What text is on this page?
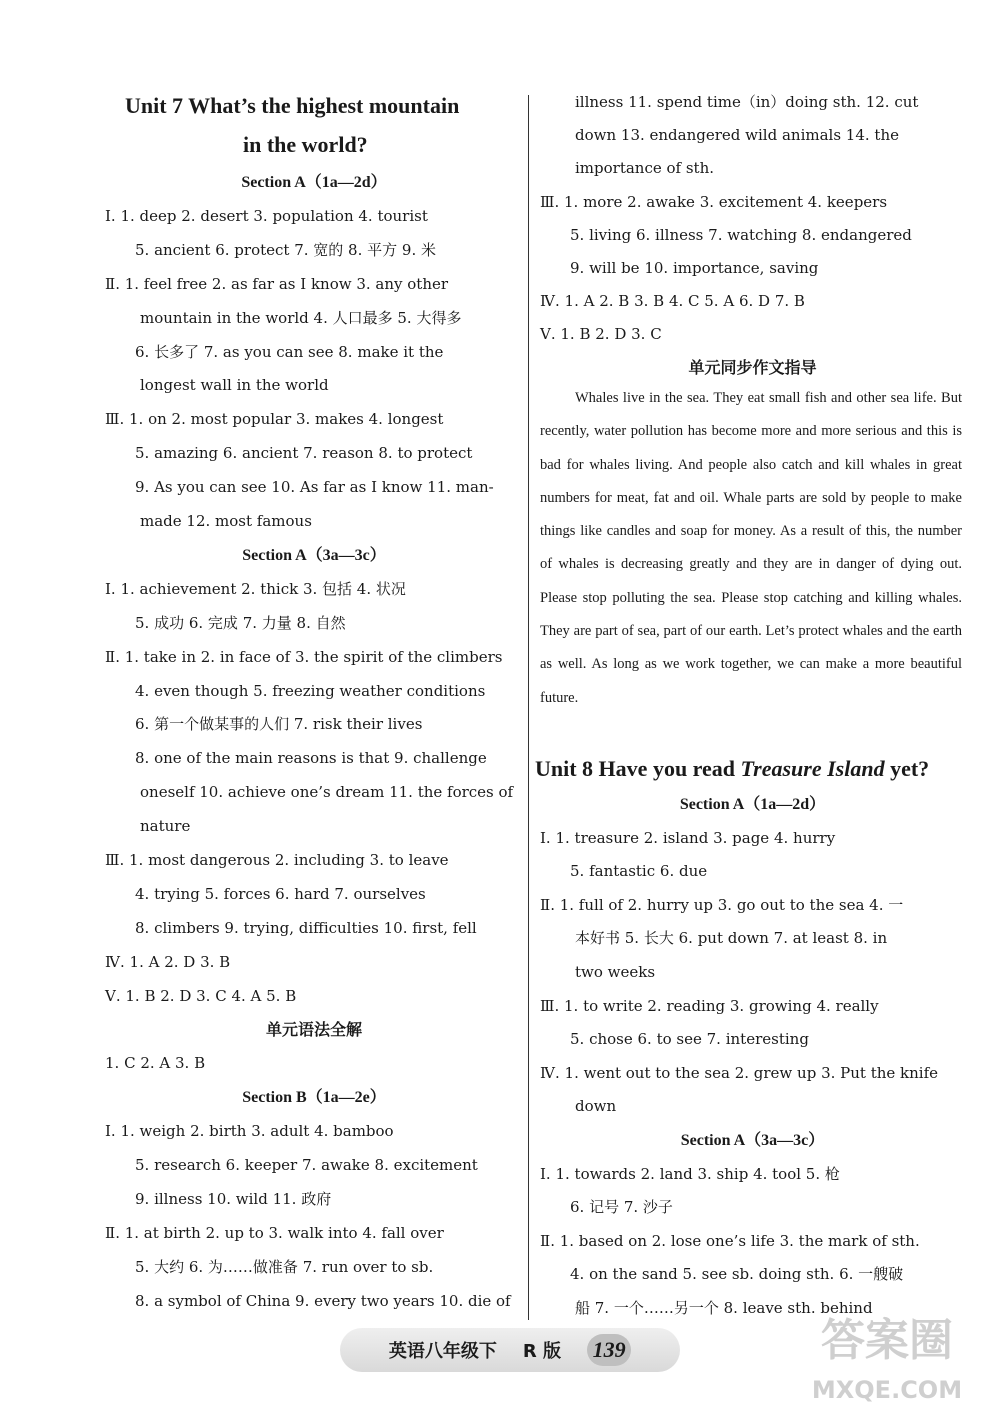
Unit 7 What’s the highest mountain
in the world?
Section A（1a—2d）
Ⅰ. 1. deep 2. desert 3. population 4. tourist
5. ancient 6. protect 7. 宽的 8. 平方 9. 米
Ⅱ. 1. feel free 2. as far as I know 3. any other
mountain in the world 4. 人口最多 5. 大得多
6. 长多了 7. as you can see 8. make it the
longest wall in the world
Ⅲ. 1. on 2. most popular 3. makes 4. longest
5. amazing 6. ancient 7. reason 8. to protect
9. As you can see 10. As far as I know 11. man-
made 12. most famous
Section A（3a—3c）
Ⅰ. 1. achievement 2. thick 3. 包括 4. 状况
5. 成功 6. 完成 7. 力量 8. 自然
Ⅱ. 1. take in 2. in face of 3. the spirit of the climbers
4. even though 5. freezing weather conditions
6. 第一个做某事的人们 7. risk their lives
8. one of the main reasons is that 9. challenge
oneself 10. achieve one’s dream 11. the forces of
nature
Ⅲ. 1. most dangerous 2. including 3. to leave
4. trying 5. forces 6. hard 7. ourselves
8. climbers 9. trying, difficulties 10. first, fell
Ⅳ. 1. A 2. D 3. B
Ⅴ. 1. B 2. D 3. C 4. A 5. B
单元语法全解
1. C 2. A 3. B
Section B（1a—2e）
Ⅰ. 1. weigh 2. birth 3. adult 4. bamboo
5. research 6. keeper 7. awake 8. excitement
9. illness 10. wild 11. 政府
Ⅱ. 1. at birth 2. up to 3. walk into 4. fall over
5. 大约 6. 为……做准备 7. run over to sb.
8. a symbol of China 9. every two years 10. die of
illness 11. spend time（in）doing sth. 12. cut
down 13. endangered wild animals 14. the
importance of sth.
Ⅲ. 1. more 2. awake 3. excitement 4. keepers
5. living 6. illness 7. watching 8. endangered
9. will be 10. importance, saving
Ⅳ. 1. A 2. B 3. B 4. C 5. A 6. D 7. B
Ⅴ. 1. B 2. D 3. C
单元同步作文指导
Whales live in the sea. They eat small fish and other sea life. But recently, water pollution has become more and more serious and this is bad for whales living. And people also catch and kill whales in great numbers for meat, fat and oil. Whale parts are sold by people to make things like candles and soap for money. As a result of this, the number of whales is decreasing greatly and they are in danger of dying out. Please stop polluting the sea. Please stop catching and killing whales. They are part of sea, part of our earth. Let’s protect whales and the earth as well. As long as we work together, we can make a more beautiful future.
Unit 8 Have you read Treasure Island yet?
Section A（1a—2d）
Ⅰ. 1. treasure 2. island 3. page 4. hurry
5. fantastic 6. due
Ⅱ. 1. full of 2. hurry up 3. go out to the sea 4. 一
本好书 5. 长大 6. put down 7. at least 8. in
two weeks
Ⅲ. 1. to write 2. reading 3. growing 4. really
5. chose 6. to see 7. interesting
Ⅳ. 1. went out to the sea 2. grew up 3. Put the knife
down
Section A（3a—3c）
Ⅰ. 1. towards 2. land 3. ship 4. tool 5. 枪
6. 记号 7. 沙子
Ⅱ. 1. based on 2. lose one’s life 3. the mark of sth.
4. on the sand 5. see sb. doing sth. 6. 一艘破
船 7. 一个……另一个 8. leave sth. behind
英语八年级下 R 版 139	答案圈
MXQE.COM
